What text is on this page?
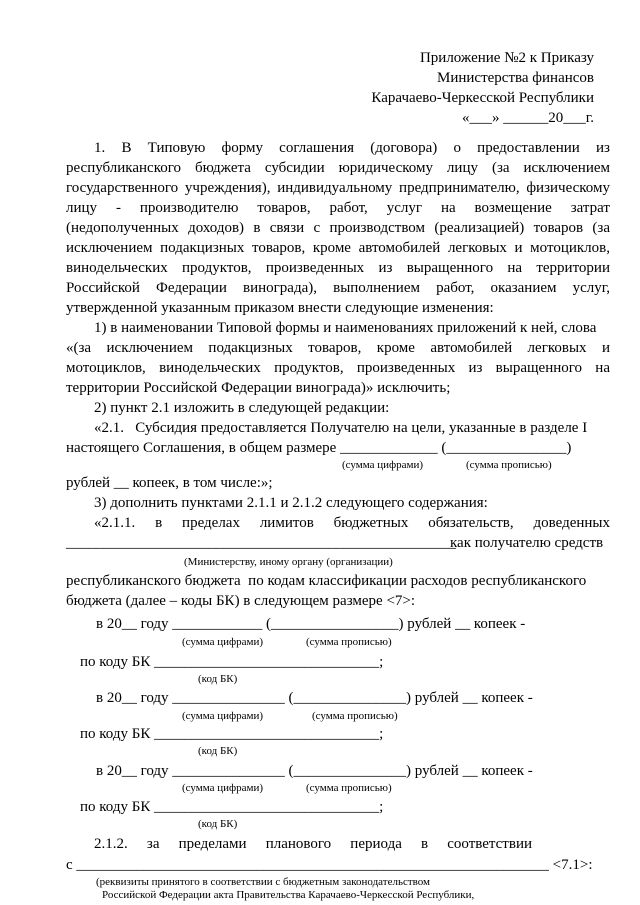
Приложение №2 к Приказу
Министерства финансов
Карачаево-Черкесской Республики
«___» ______20___г.
1. В Типовую форму соглашения (договора) о предоставлении из
республиканского бюджета субсидии юридическому лицу (за исключением
государственного учреждения), индивидуальному предпринимателю, физическому
лицу - производителю товаров, работ, услуг на возмещение затрат
(недополученных доходов) в связи с производством (реализацией) товаров (за
исключением подакцизных товаров, кроме автомобилей легковых и мотоциклов,
винодельческих продуктов, произведенных из выращенного на территории
Российской Федерации винограда), выполнением работ, оказанием услуг,
утвержденной указанным приказом внести следующие изменения:
1) в наименовании Типовой формы и наименованиях приложений к ней, слова
«(за исключением подакцизных товаров, кроме автомобилей легковых и
мотоциклов, винодельческих продуктов, произведенных из выращенного на
территории Российской Федерации винограда)» исключить;
2) пункт 2.1 изложить в следующей редакции:
«2.1.   Субсидия предоставляется Получателю на цели, указанные в разделе I
настоящего Соглашения, в общем размере _____________ (________________)
(сумма цифрами)	(сумма прописью)
рублей __ копеек, в том числе:»;
3) дополнить пунктами 2.1.1 и 2.1.2 следующего содержания:
«2.1.1. в пределах лимитов бюджетных обязательств, доведенных
____________________________________________________
как получателю средств
(Министерству, иному органу (организации)
республиканского бюджета  по кодам классификации расходов республиканского
бюджета (далее – коды БК) в следующем размере <7>:
в 20__ году ____________ (_________________) рублей __ копеек -
(сумма цифрами)	(сумма прописью)
по коду БК ______________________________;
(код БК)
в 20__ году _______________ (_______________) рублей __ копеек -
(сумма цифрами)	(сумма прописью)
по коду БК ______________________________;
(код БК)
в 20__ году _______________ (_______________) рублей __ копеек -
(сумма цифрами)	(сумма прописью)
по коду БК ______________________________;
(код БК)
2.1.2. за пределами планового периода в соответствии
с _______________________________________________________________ <7.1>:
(реквизиты принятого в соответствии с бюджетным законодательством
Российской Федерации акта Правительства Карачаево-Черкесской Республики,
